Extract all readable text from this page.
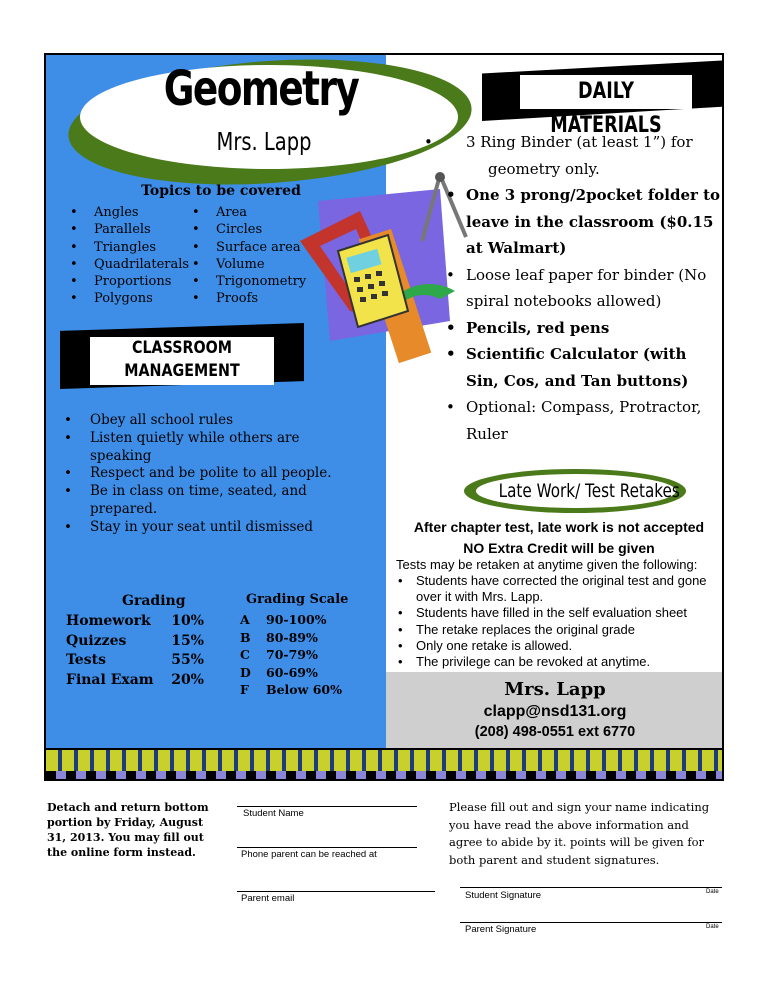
Geometry
Mrs. Lapp
Topics to be covered
• Angles
• Parallels
• Triangles
• Quadrilaterals
• Proportions
• Polygons
• Area
• Circles
• Surface area
• Volume
• Trigonometry
• Proofs
CLASSROOM
MANAGEMENT
• Obey all school rules
• Listen quietly while others are speaking
• Respect and be polite to all people.
• Be in class on time, seated, and prepared.
• Stay in your seat until dismissed
Grading
Homework 10%
Quizzes	15%
Tests	55%
Final Exam 20%
Grading Scale
A	90-100%
B	80-89%
C	70-79%
D	60-69%
F	Below 60%
DAILY MATERIALS
• 3 Ring Binder (at least 1”) for geometry only.
• One 3 prong/2pocket folder to leave in the classroom ($0.15 at Walmart)
• Loose leaf paper for binder (No spiral notebooks allowed)
• Pencils, red pens
• Scientific Calculator (with Sin, Cos, and Tan buttons)
• Optional: Compass, Protractor, Ruler
Late Work/ Test Retakes
After chapter test, late work is not accepted
NO Extra Credit will be given
Tests may be retaken at anytime given the following:
• Students have corrected the original test and gone over it with Mrs. Lapp.
• Students have filled in the self evaluation sheet
• The retake replaces the original grade
• Only one retake is allowed.
• The privilege can be revoked at anytime.
Mrs. Lapp
clapp@nsd131.org
(208) 498-0551 ext 6770
Detach and return bottom portion by Friday, August 31, 2013. You may fill out the online form instead.
Student Name
Phone parent can be reached at
Parent email
Please fill out and sign your name indicating you have read the above information and agree to abide by it. points will be given for both parent and student signatures.
Student Signature	Date
Parent Signature	Date
